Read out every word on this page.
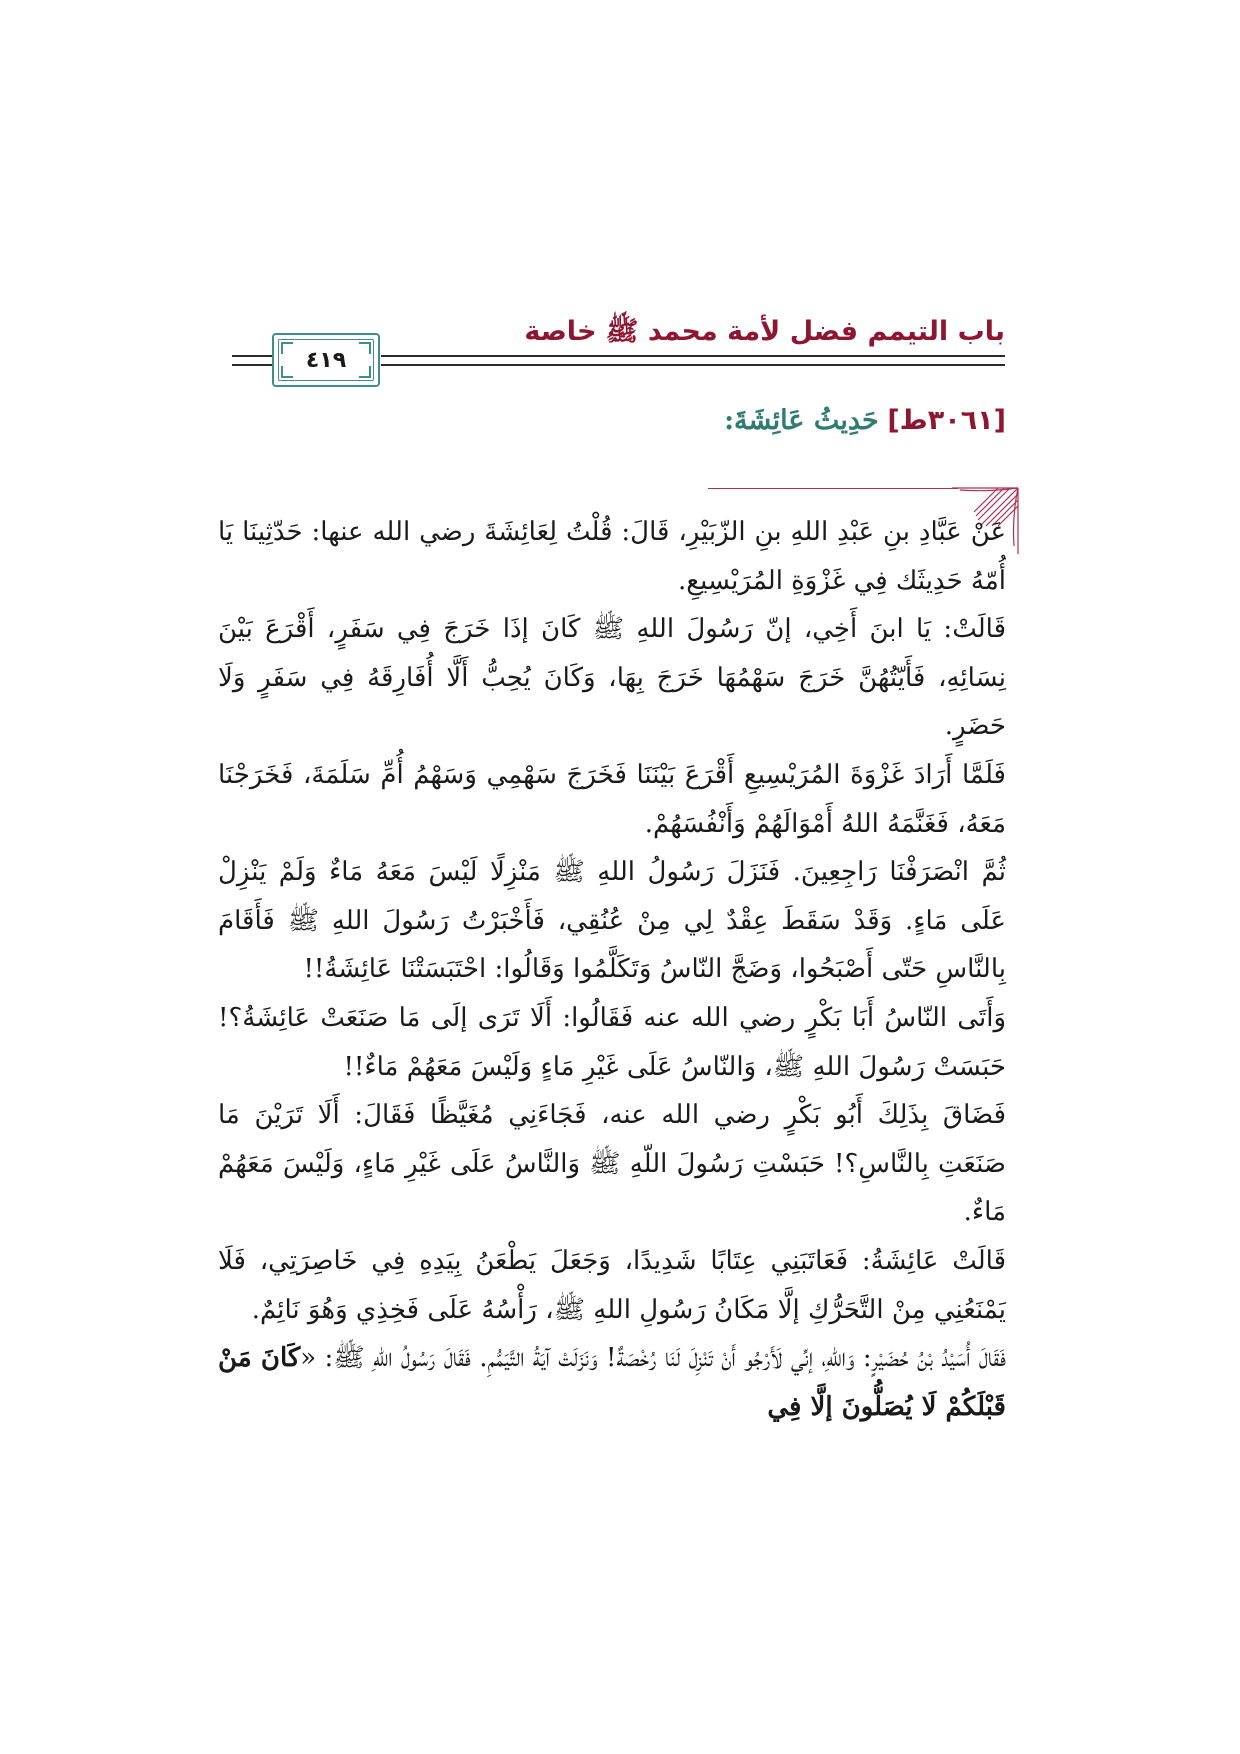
باب التيمم فضل لأمة محمد ﷺ خاصة
٤١٩
[٣٠٦١ط] حَدِيثُ عَائِشَةَ:

عَنْ عَبَّادِ بنِ عَبْدِ اللهِ بنِ الزّبَيْرِ، قَالَ: قُلْتُ لِعَائِشَةَ رضي الله عنها: حَدّثِينَا يَا أُمّهُ حَدِيثَك فِي غَزْوَةِ المُرَيْسِيعِ.

قَالَتْ: يَا ابنَ أَخِي، إنّ رَسُولَ اللهِ ﷺ كَانَ إذَا خَرَجَ فِي سَفَرٍ، أَقْرَعَ بَيْنَ نِسَائِهِ، فَأَيّتُهُنَّ خَرَجَ سَهْمُهَا خَرَجَ بِهَا، وَكَانَ يُحِبُّ أَلَّا أُفَارِقَهُ فِي سَفَرٍ وَلَا حَضَرٍ.

فَلَمَّا أَرَادَ غَزْوَةَ المُرَيْسِيعِ أَقْرَعَ بَيْنَنَا فَخَرَجَ سَهْمِي وَسَهْمُ أُمِّ سَلَمَةَ، فَخَرَجْنَا مَعَهُ، فَغَنَّمَهُ اللهُ أَمْوَالَهُمْ وَأَنْفُسَهُمْ.

ثُمَّ انْصَرَفْنَا رَاجِعِينَ. فَنَزَلَ رَسُولُ اللهِ ﷺ مَنْزِلًا لَيْسَ مَعَهُ مَاءٌ وَلَمْ يَنْزِلْ عَلَى مَاءٍ. وَقَدْ سَقَطَ عِقْدٌ لِي مِنْ عُنُقِي، فَأَخْبَرْتُ رَسُولَ اللهِ ﷺ فَأَقَامَ بِالنَّاسِ حَتّى أَصْبَحُوا، وَضَجَّ النّاسُ وَتَكَلَّمُوا وَقَالُوا: احْتَبَسَتْنَا عَائِشَةُ!!

وَأَتَى النّاسُ أَبَا بَكْرٍ رضي الله عنه فَقَالُوا: أَلَا تَرَى إلَى مَا صَنَعَتْ عَائِشَةُ؟! حَبَسَتْ رَسُولَ اللهِ ﷺ، وَالنّاسُ عَلَى غَيْرِ مَاءٍ وَلَيْسَ مَعَهُمْ مَاءٌ!!

فَضَاقَ بِذَلِكَ أَبُو بَكْرٍ رضي الله عنه، فَجَاءَنِي مُغَيَّظًا فَقَالَ: أَلَا تَرَيْنَ مَا صَنَعَتِ بِالنَّاسِ؟! حَبَسْتِ رَسُولَ اللّهِ ﷺ وَالنَّاسُ عَلَى غَيْرِ مَاءٍ، وَلَيْسَ مَعَهُمْ مَاءٌ.

قَالَتْ عَائِشَةُ: فَعَاتَبَنِي عِتَابًا شَدِيدًا، وَجَعَلَ يَطْعَنُ بِيَدِهِ فِي خَاصِرَتِي، فَلَا يَمْنَعُنِي مِنْ التَّحَرُّكِ إلَّا مَكَانُ رَسُولِ اللهِ ﷺ، رَأْسُهُ عَلَى فَخِذِي وَهُوَ نَائِمٌ.

فَقَالَ أُسَيْدُ بْنُ حُضَيْرٍ: وَاللهِ، إنِّي لَأَرْجُو أَنْ تَنْزِلَ لَنَا رُخْصَةٌ! وَنَزَلَتْ آيَةُ التَّيَمُّمِ. فَقَالَ رَسُولُ اللهِ ﷺ: «كَانَ مَنْ قَبْلَكُمْ لَا يُصَلُّونَ إلَّا فِي
